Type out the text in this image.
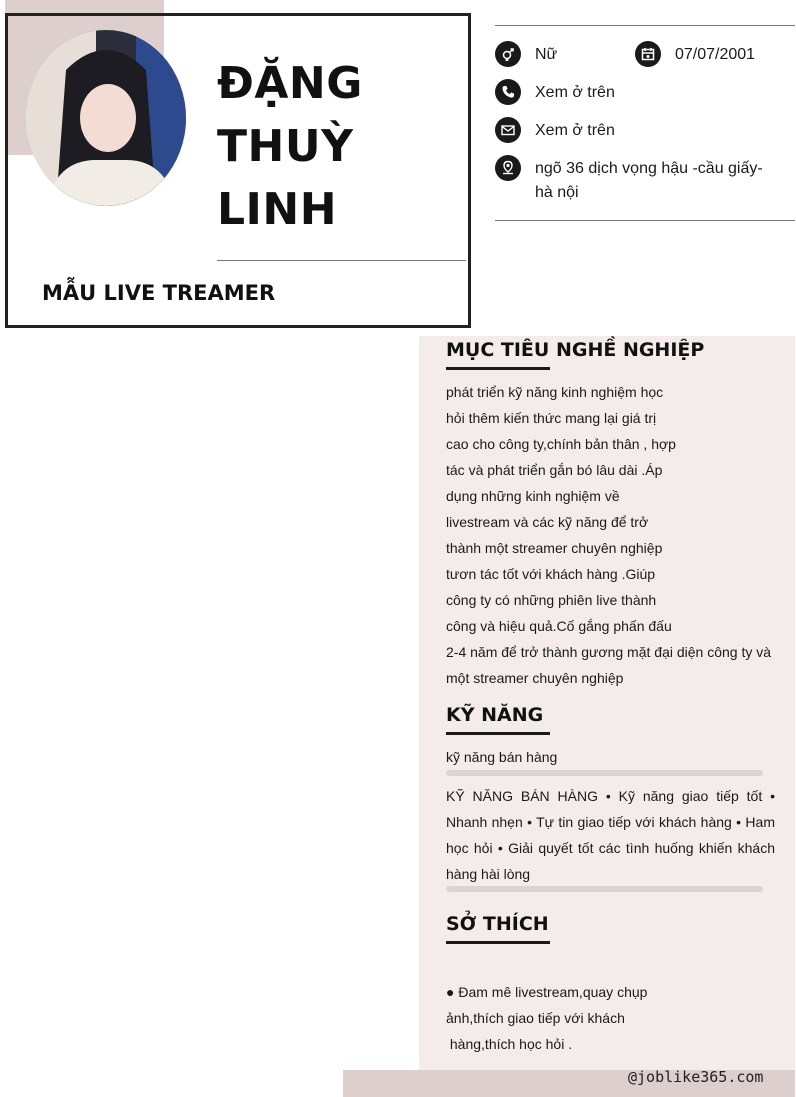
ĐẶNG
THUỲ
LINH
MẪU LIVE TREAMER
Nữ	07/07/2001
Xem ở trên
Xem ở trên
ngõ 36 dịch vọng hậu -cầu giấy-
hà nội
MỤC TIÊU NGHỀ NGHIỆP
phát triển kỹ năng kinh nghiệm học
hỏi thêm kiến thức mang lại giá trị
cao cho công ty,chính bản thân , hợp
tác và phát triển gắn bó lâu dài .Áp
dụng những kinh nghiệm về
livestream và các kỹ năng để trở
thành một streamer chuyên nghiệp
tươn tác tốt với khách hàng .Giúp
công ty có những phiên live thành
công và hiệu quả.Cố gắng phấn đấu
2-4 năm để trở thành gương mặt đại diện công ty và
một streamer chuyên nghiệp
KỸ NĂNG
kỹ năng bán hàng
KỸ NĂNG BÁN HÀNG • Kỹ năng giao tiếp tốt • Nhanh nhẹn • Tự tin giao tiếp với khách hàng • Ham học hỏi • Giải quyết tốt các tình huống khiến khách hàng hài lòng
SỞ THÍCH
● Đam mê livestream,quay chụp
ảnh,thích giao tiếp với khách
hàng,thích học hỏi .
@joblike365.com
